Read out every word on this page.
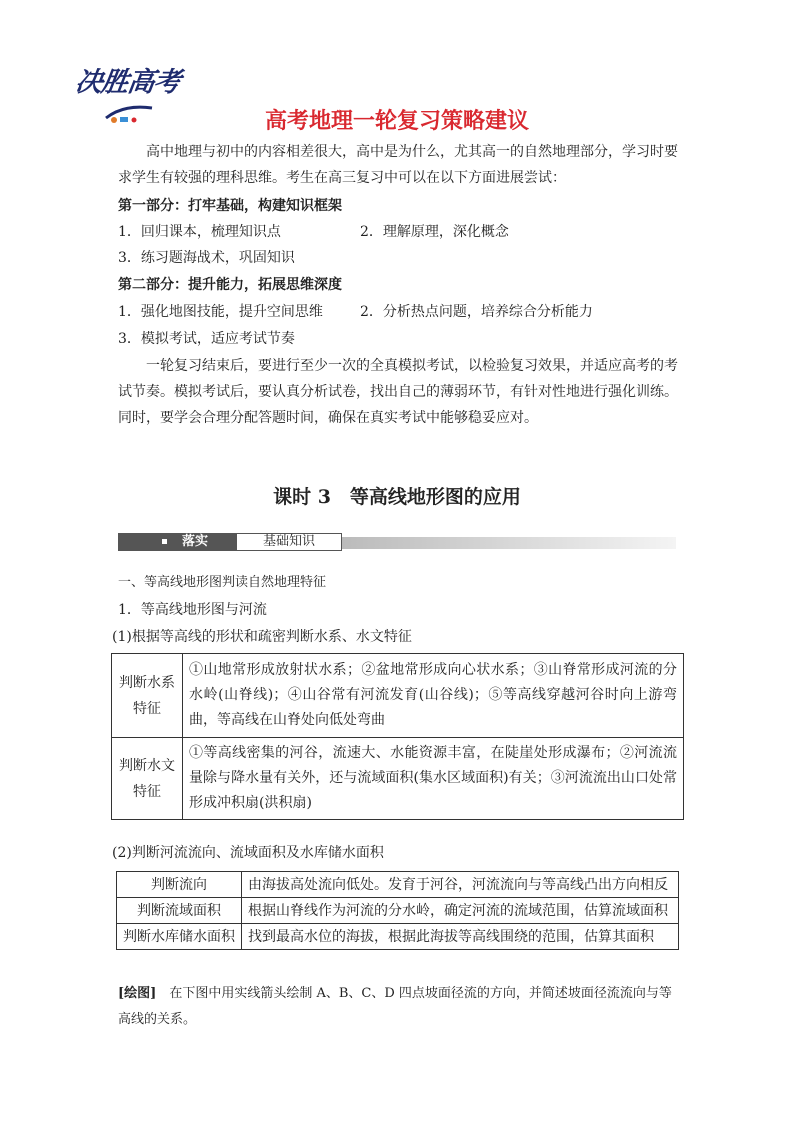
决胜高考
高考地理一轮复习策略建议
高中地理与初中的内容相差很大，高中是为什么，尤其高一的自然地理部分，学习时要求学生有较强的理科思维。考生在高三复习中可以在以下方面进展尝试：
第一部分：打牢基础，构建知识框架
1．回归课本，梳理知识点	2．理解原理，深化概念
3．练习题海战术，巩固知识
第二部分：提升能力，拓展思维深度
1．强化地图技能，提升空间思维	2．分析热点问题，培养综合分析能力
3．模拟考试，适应考试节奏
一轮复习结束后，要进行至少一次的全真模拟考试，以检验复习效果，并适应高考的考试节奏。模拟考试后，要认真分析试卷，找出自己的薄弱环节，有针对性地进行强化训练。同时，要学会合理分配答题时间，确保在真实考试中能够稳妥应对。
课时 3　等高线地形图的应用
落实	基础知识
一、等高线地形图判读自然地理特征
1．等高线地形图与河流
(1)根据等高线的形状和疏密判断水系、水文特征
判断水系特征	①山地常形成放射状水系；②盆地常形成向心状水系；③山脊常形成河流的分水岭(山脊线)；④山谷常有河流发育(山谷线)；⑤等高线穿越河谷时向上游弯曲，等高线在山脊处向低处弯曲
判断水文特征	①等高线密集的河谷，流速大、水能资源丰富，在陡崖处形成瀑布；②河流流量除与降水量有关外，还与流域面积(集水区域面积)有关；③河流流出山口处常形成冲积扇(洪积扇)
(2)判断河流流向、流域面积及水库储水面积
判断流向	由海拔高处流向低处。发育于河谷，河流流向与等高线凸出方向相反
判断流域面积	根据山脊线作为河流的分水岭，确定河流的流域范围，估算流域面积
判断水库储水面积	找到最高水位的海拔，根据此海拔等高线围绕的范围，估算其面积
[绘图]　 在下图中用实线箭头绘制 A、B、C、D 四点坡面径流的方向，并简述坡面径流流向与等高线的关系。
